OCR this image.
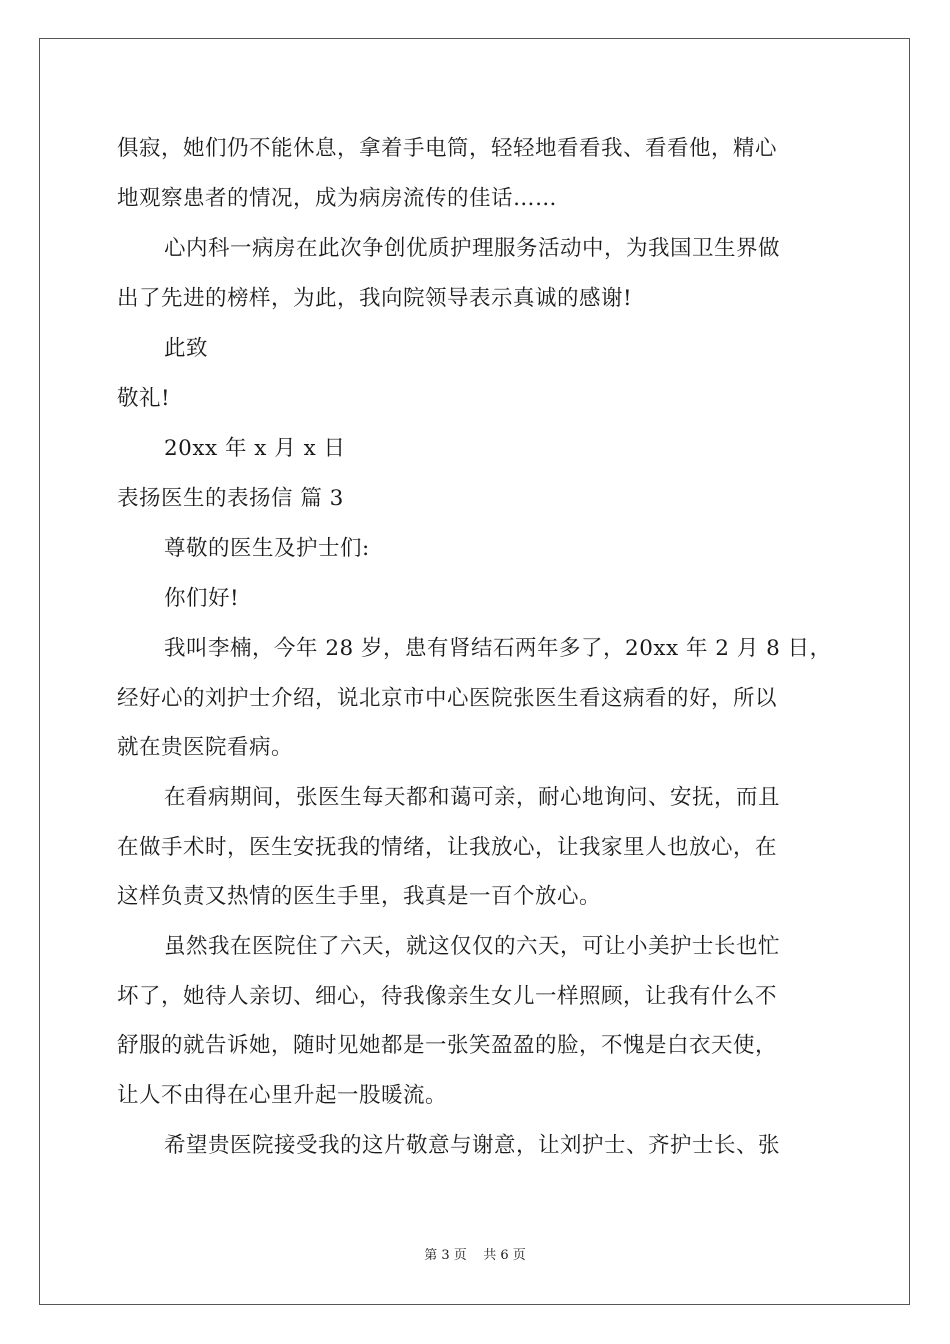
俱寂，她们仍不能休息，拿着手电筒，轻轻地看看我、看看他，精心
地观察患者的情况，成为病房流传的佳话……
心内科一病房在此次争创优质护理服务活动中，为我国卫生界做
出了先进的榜样，为此，我向院领导表示真诚的感谢!
此致
敬礼!
20xx 年 x 月 x 日
表扬医生的表扬信 篇 3
尊敬的医生及护士们:
你们好!
我叫李楠，今年 28 岁，患有肾结石两年多了，20xx 年 2 月 8 日，
经好心的刘护士介绍，说北京市中心医院张医生看这病看的好，所以
就在贵医院看病。
在看病期间，张医生每天都和蔼可亲，耐心地询问、安抚，而且
在做手术时，医生安抚我的情绪，让我放心，让我家里人也放心，在
这样负责又热情的医生手里，我真是一百个放心。
虽然我在医院住了六天，就这仅仅的六天，可让小美护士长也忙
坏了，她待人亲切、细心，待我像亲生女儿一样照顾，让我有什么不
舒服的就告诉她，随时见她都是一张笑盈盈的脸，不愧是白衣天使，
让人不由得在心里升起一股暖流。
希望贵医院接受我的这片敬意与谢意，让刘护士、齐护士长、张
第 3 页    共 6 页
